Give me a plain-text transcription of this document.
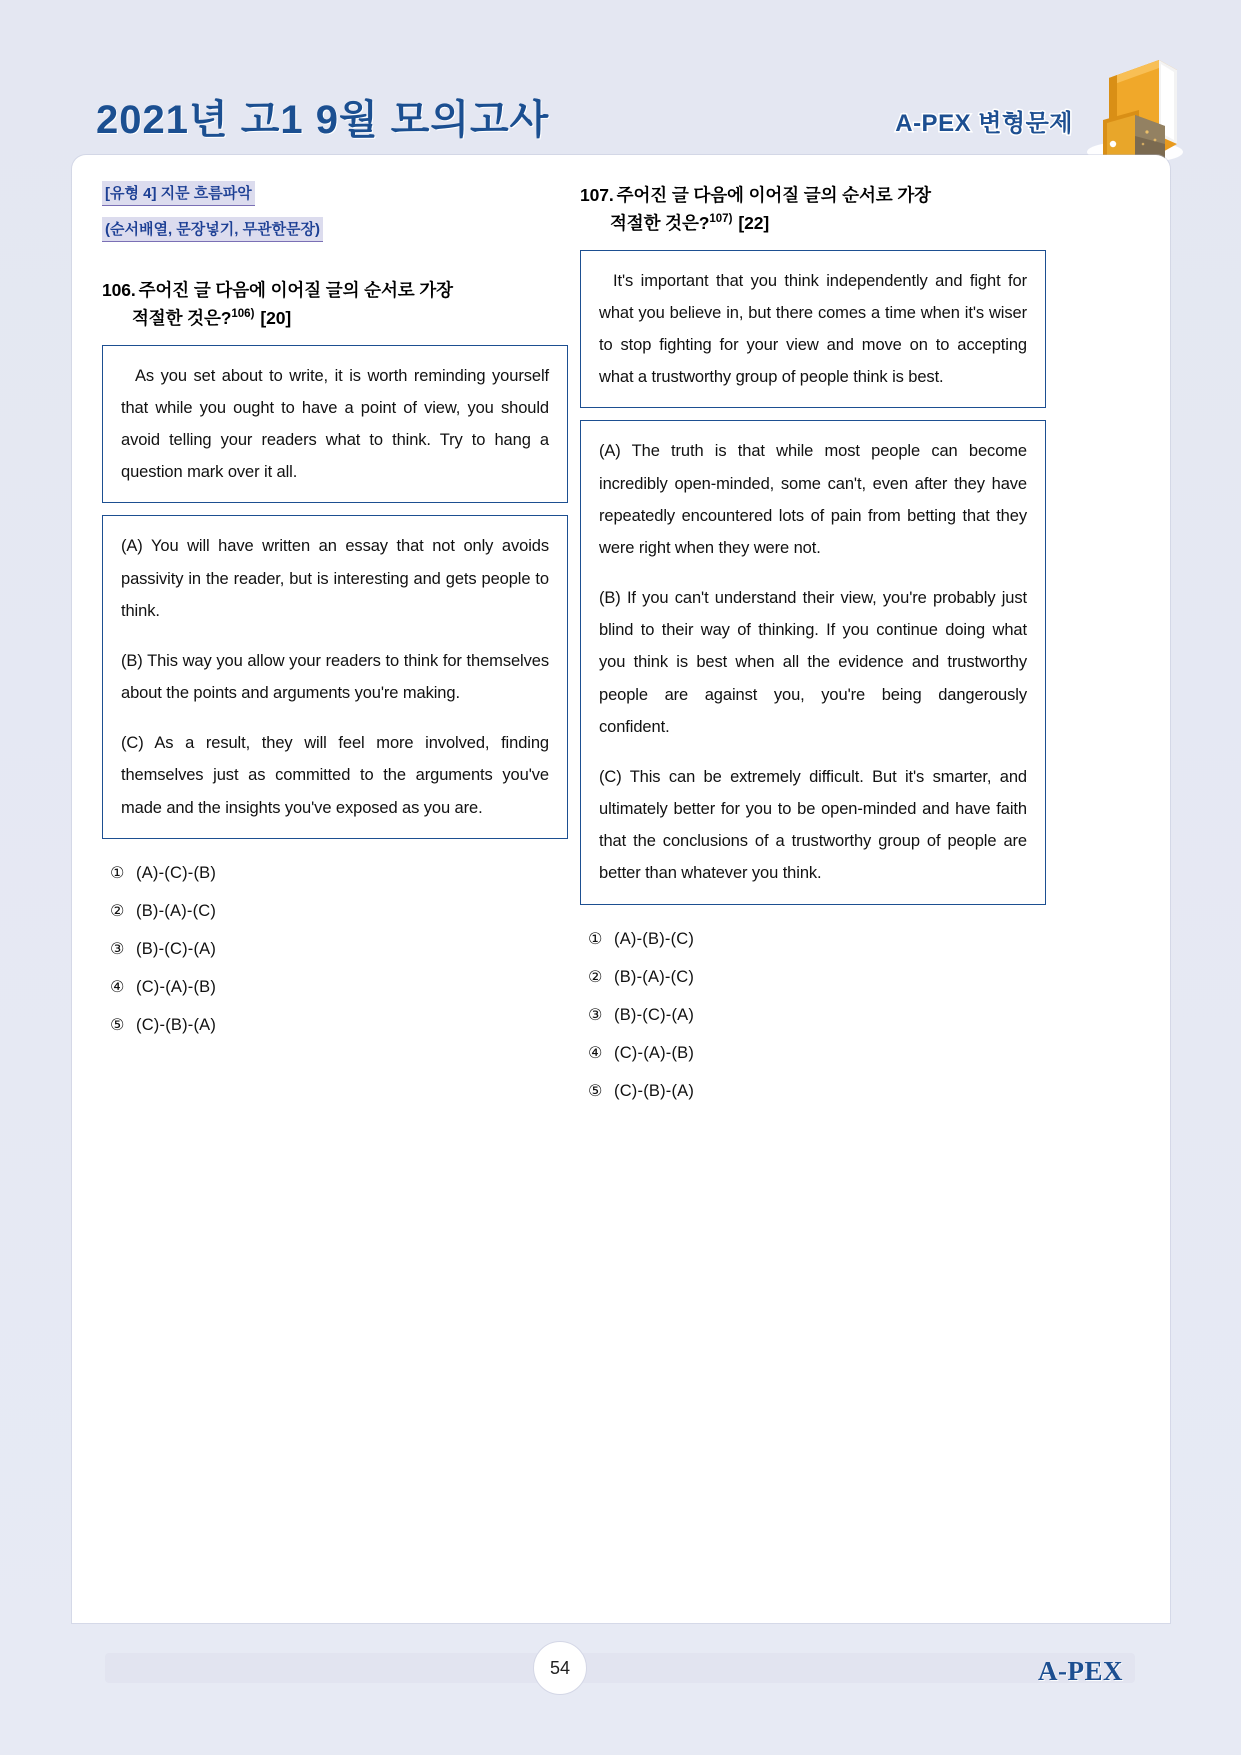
2021년 고1 9월 모의고사	A-PEX 변형문제
[유형 4] 지문 흐름파악
(순서배열, 문장넣기, 무관한문장)
106. 주어진 글 다음에 이어질 글의 순서로 가장
적절한 것은?$^{106)}$ [20]

As you set about to write, it is worth reminding yourself that while you ought to have a point of view, you should avoid telling your readers what to think. Try to hang a question mark over it all.

(A) You will have written an essay that not only avoids passivity in the reader, but is interesting and gets people to think.

(B) This way you allow your readers to think for themselves about the points and arguments you're making.

(C) As a result, they will feel more involved, finding themselves just as committed to the arguments you've made and the insights you've exposed as you are.

① (A)-(C)-(B)
② (B)-(A)-(C)
③ (B)-(C)-(A)
④ (C)-(A)-(B)
⑤ (C)-(B)-(A)
107. 주어진 글 다음에 이어질 글의 순서로 가장
적절한 것은?$^{107)}$ [22]

It's important that you think independently and fight for what you believe in, but there comes a time when it's wiser to stop fighting for your view and move on to accepting what a trustworthy group of people think is best.

(A) The truth is that while most people can become incredibly open-minded, some can't, even after they have repeatedly encountered lots of pain from betting that they were right when they were not.

(B) If you can't understand their view, you're probably just blind to their way of thinking. If you continue doing what you think is best when all the evidence and trustworthy people are against you, you're being dangerously confident.

(C) This can be extremely difficult. But it's smarter, and ultimately better for you to be open-minded and have faith that the conclusions of a trustworthy group of people are better than whatever you think.

① (A)-(B)-(C)
② (B)-(A)-(C)
③ (B)-(C)-(A)
④ (C)-(A)-(B)
⑤ (C)-(B)-(A)
54	A-PEX
